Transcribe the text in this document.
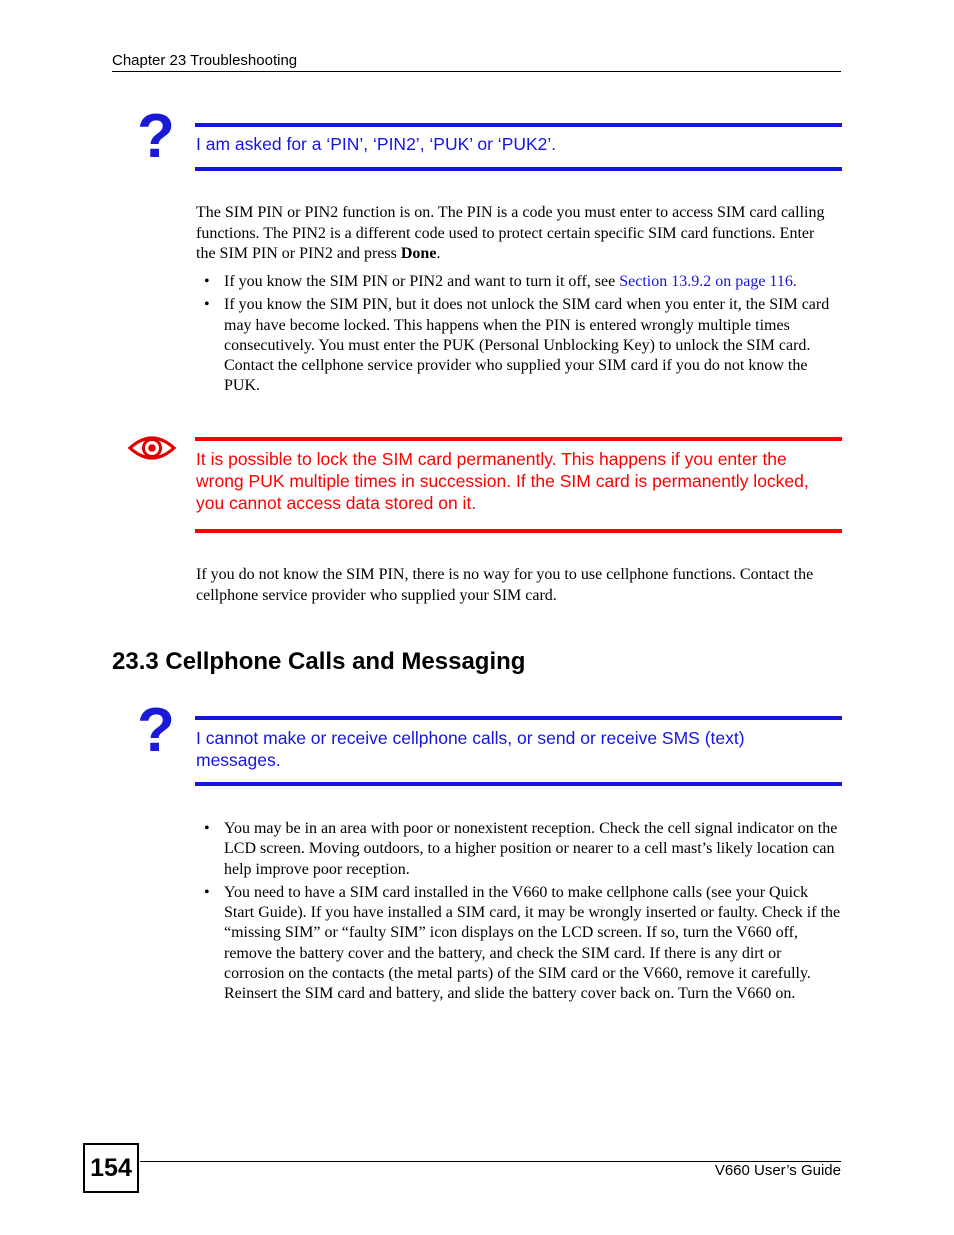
Chapter 23 Troubleshooting
? I am asked for a ‘PIN’, ‘PIN2’, ‘PUK’ or ‘PUK2’.
The SIM PIN or PIN2 function is on. The PIN is a code you must enter to access SIM card calling functions. The PIN2 is a different code used to protect certain specific SIM card functions. Enter the SIM PIN or PIN2 and press Done.
• If you know the SIM PIN or PIN2 and want to turn it off, see Section 13.9.2 on page 116.
• If you know the SIM PIN, but it does not unlock the SIM card when you enter it, the SIM card may have become locked. This happens when the PIN is entered wrongly multiple times consecutively. You must enter the PUK (Personal Unblocking Key) to unlock the SIM card. Contact the cellphone service provider who supplied your SIM card if you do not know the PUK.
It is possible to lock the SIM card permanently. This happens if you enter the wrong PUK multiple times in succession. If the SIM card is permanently locked, you cannot access data stored on it.
If you do not know the SIM PIN, there is no way for you to use cellphone functions. Contact the cellphone service provider who supplied your SIM card.
23.3 Cellphone Calls and Messaging
? I cannot make or receive cellphone calls, or send or receive SMS (text) messages.
• You may be in an area with poor or nonexistent reception. Check the cell signal indicator on the LCD screen. Moving outdoors, to a higher position or nearer to a cell mast’s likely location can help improve poor reception.
• You need to have a SIM card installed in the V660 to make cellphone calls (see your Quick Start Guide). If you have installed a SIM card, it may be wrongly inserted or faulty. Check if the “missing SIM” or “faulty SIM” icon displays on the LCD screen. If so, turn the V660 off, remove the battery cover and the battery, and check the SIM card. If there is any dirt or corrosion on the contacts (the metal parts) of the SIM card or the V660, remove it carefully. Reinsert the SIM card and battery, and slide the battery cover back on. Turn the V660 on.
154	V660 User’s Guide
